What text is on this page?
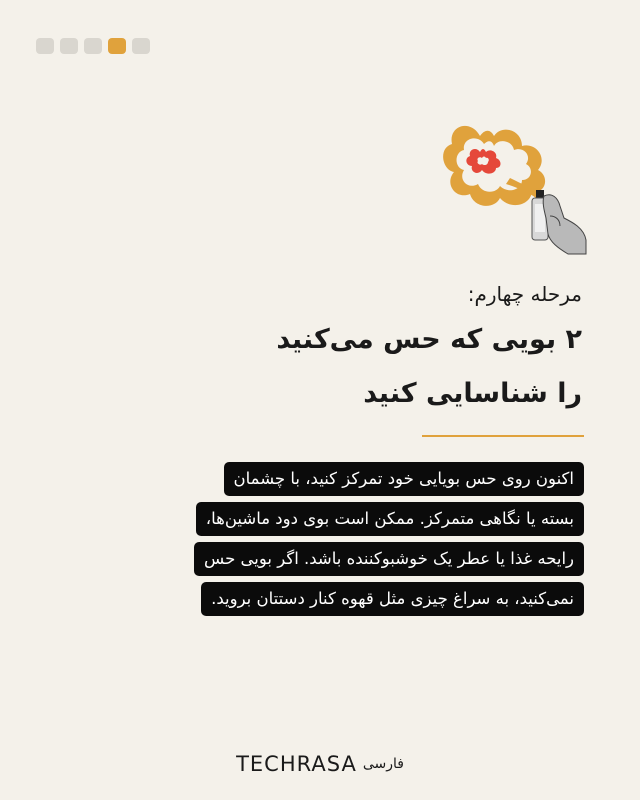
مرحله چهارم:
۲ بویی که حس می‌کنید
را شناسایی کنید
اکنون روی حس بویایی خود تمرکز کنید، با چشمان
بسته یا نگاهی متمرکز. ممکن است بوی دود ماشین‌ها،
رایحه غذا یا عطر یک خوشبوکننده باشد. اگر بویی حس
نمی‌کنید، به سراغ چیزی مثل قهوه کنار دستتان بروید.
TECHRASA فارسی
